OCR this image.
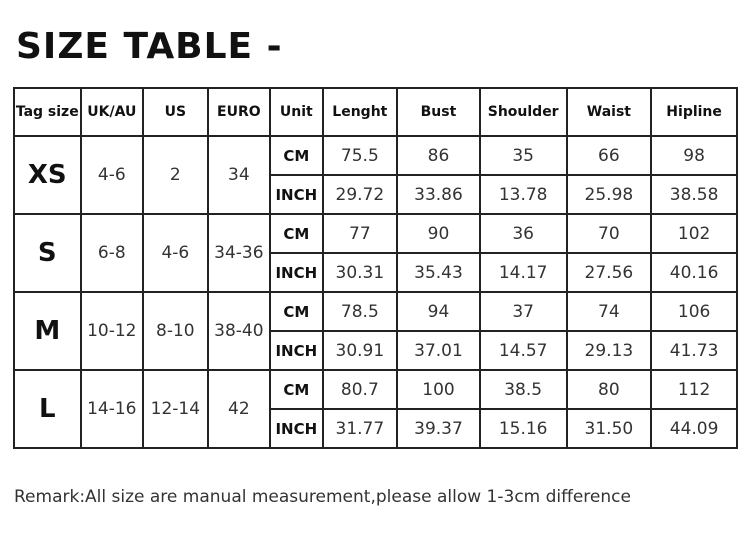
SIZE TABLE -
Tag size	UK/AU	US	EURO	Unit	Lenght	Bust	Shoulder	Waist	Hipline
XS	4-6	2	34	CM	75.5	86	35	66	98
				INCH	29.72	33.86	13.78	25.98	38.58
S	6-8	4-6	34-36	CM	77	90	36	70	102
				INCH	30.31	35.43	14.17	27.56	40.16
M	10-12	8-10	38-40	CM	78.5	94	37	74	106
				INCH	30.91	37.01	14.57	29.13	41.73
L	14-16	12-14	42	CM	80.7	100	38.5	80	112
				INCH	31.77	39.37	15.16	31.50	44.09
Remark:All size are manual measurement,please allow 1-3cm difference
